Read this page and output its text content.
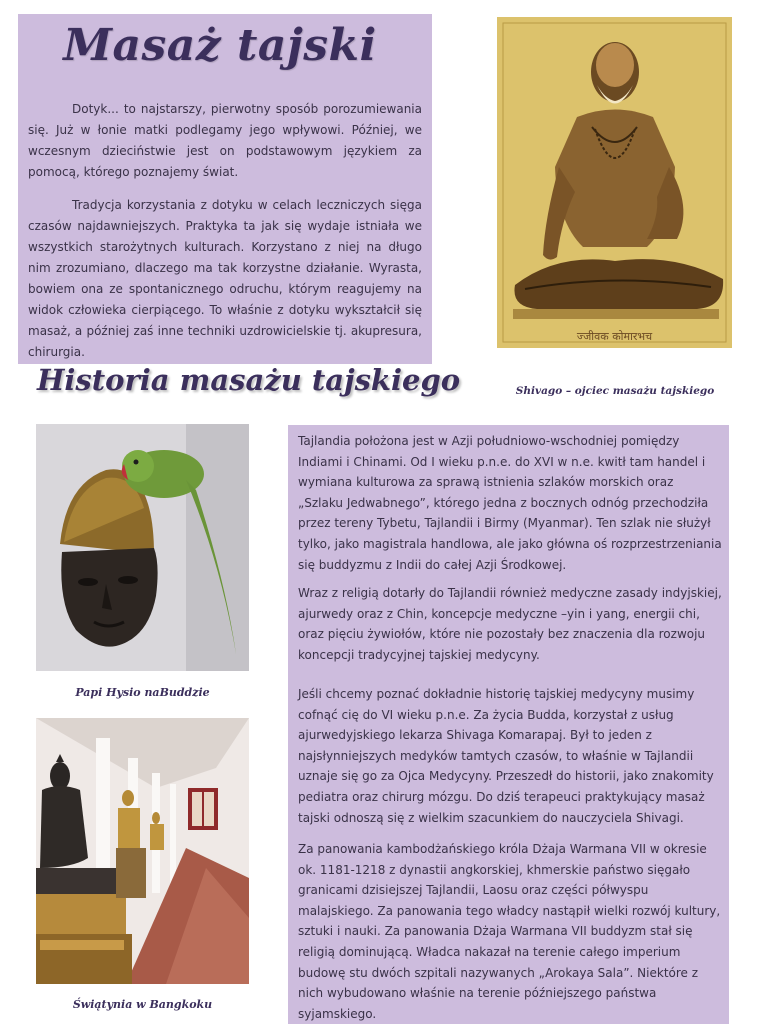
Masaż tajski

Dotyk... to najstarszy, pierwotny sposób porozumiewania się. Już w łonie matki podlegamy jego wpływowi. Później, we wczesnym dzieciństwie jest on podstawowym językiem za pomocą, którego poznajemy świat.

Tradycja korzystania z dotyku w celach leczniczych sięga czasów najdawniejszych. Praktyka ta jak się wydaje istniała we wszystkich starożytnych kulturach. Korzystano z niej na długo nim zrozumiano, dlaczego ma tak korzystne działanie. Wyrasta, bowiem ona ze spontanicznego odruchu, którym reagujemy na widok człowieka cierpiącego. To właśnie z dotyku wykształcił się masaż, a później zaś inne techniki uzdrowicielskie tj. akupresura, chirurgia.

ज्जीवक कोमारभच
Shivago – ojciec masażu tajskiego
Historia masażu tajskiego
Papi Hysio naBuddzie
Świątynia w Bangkoku

Tajlandia położona jest w Azji południowo-wschodniej pomiędzy Indiami i Chinami. Od I wieku p.n.e. do XVI w n.e. kwitł tam handel i wymiana kulturowa za sprawą istnienia szlaków morskich oraz „Szlaku Jedwabnego”, którego jedna z bocznych odnóg przechodziła przez tereny Tybetu, Tajlandii i Birmy (Myanmar). Ten szlak nie służył tylko, jako magistrala handlowa, ale jako główna oś rozprzestrzeniania się buddyzmu z Indii do całej Azji Środkowej.

Wraz z religią dotarły do Tajlandii również medyczne zasady indyjskiej, ajurwedy oraz z Chin, koncepcje medyczne –yin i yang, energii chi, oraz pięciu żywiołów, które nie pozostały bez znaczenia dla rozwoju koncepcji tradycyjnej tajskiej medycyny.

Jeśli chcemy poznać dokładnie historię tajskiej medycyny musimy cofnąć cię do VI wieku p.n.e. Za życia Budda, korzystał z usług ajurwedyjskiego lekarza Shivaga Komarapaj. Był to jeden z najsłynniejszych medyków tamtych czasów, to właśnie w Tajlandii uznaje się go za Ojca Medycyny. Przeszedł do historii, jako znakomity pediatra oraz chirurg mózgu. Do dziś terapeuci praktykujący masaż tajski odnoszą się z wielkim szacunkiem do nauczyciela Shivagi.

Za panowania kambodżańskiego króla Dżaja Warmana VII w okresie ok. 1181-1218 z dynastii angkorskiej, khmerskie państwo sięgało granicami dzisiejszej Tajlandii, Laosu oraz części półwyspu malajskiego. Za panowania tego władcy nastąpił wielki rozwój kultury, sztuki i nauki. Za panowania Dżaja Warmana VII buddyzm stał się religią dominującą. Władca nakazał na terenie całego imperium budowę stu dwóch szpitali nazywanych „Arokaya Sala”. Niektóre z nich wybudowano właśnie na terenie późniejszego państwa syjamskiego.
